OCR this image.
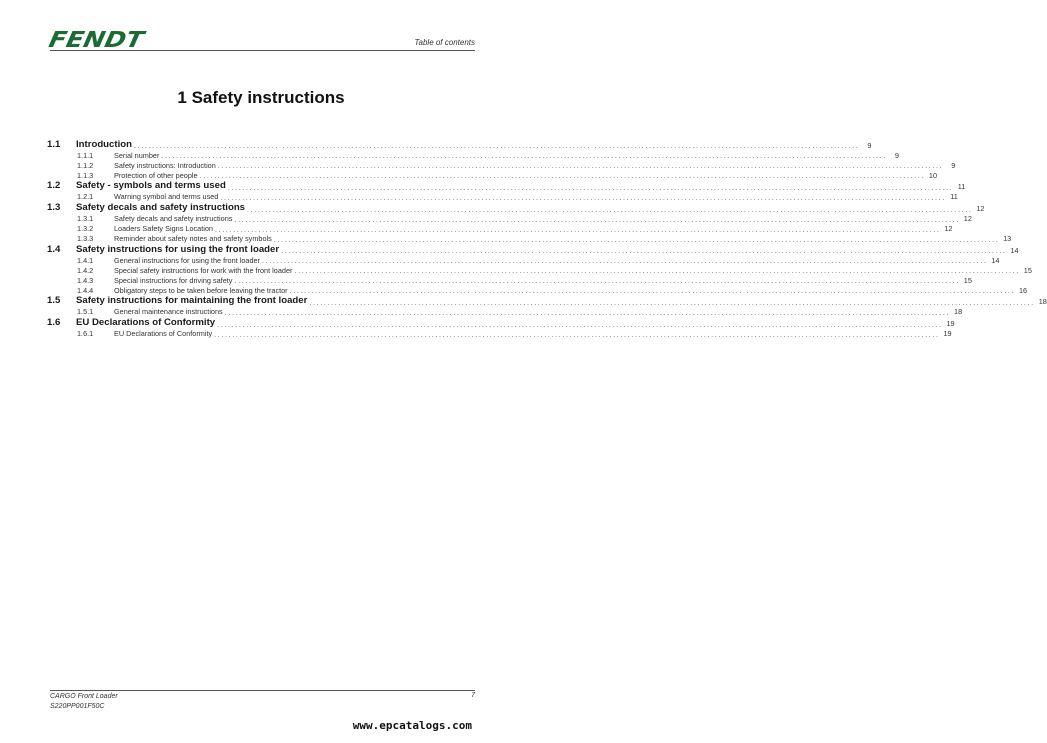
FENDT	Table of contents
1 Safety instructions
1.1	Introduction ........................................................................................................................................................................................................	9
1.1.1	Serial number ........................................................................................................................................................................................................	9
1.1.2	Safety instructions: Introduction ........................................................................................................................................................................................................	9
1.1.3	Protection of other people ........................................................................................................................................................................................................ 10
1.2	Safety - symbols and terms used ........................................................................................................................................................................................................ 11
1.2.1	Warning symbol and terms used ........................................................................................................................................................................................................ 11
1.3	Safety decals and safety instructions ........................................................................................................................................................................................................ 12
1.3.1	Safety decals and safety instructions ........................................................................................................................................................................................................ 12
1.3.2	Loaders Safety Signs Location ........................................................................................................................................................................................................ 12
1.3.3	Reminder about safety notes and safety symbols ........................................................................................................................................................................................................ 13
1.4	Safety instructions for using the front loader ........................................................................................................................................................................................................ 14
1.4.1	General instructions for using the front loader ........................................................................................................................................................................................................ 14
1.4.2	Special safety instructions for work with the front loader ........................................................................................................................................................................................................ 15
1.4.3	Special instructions for driving safety ........................................................................................................................................................................................................ 15
1.4.4	Obligatory steps to be taken before leaving the tractor ........................................................................................................................................................................................................ 16
1.5	Safety instructions for maintaining the front loader ........................................................................................................................................................................................................ 18
1.5.1	General maintenance instructions ........................................................................................................................................................................................................ 18
1.6	EU Declarations of Conformity ........................................................................................................................................................................................................ 19
1.6.1	EU Declarations of Conformity ........................................................................................................................................................................................................ 19
CARGO Front Loader
S220PP001F50C
7
www.epcatalogs.com
